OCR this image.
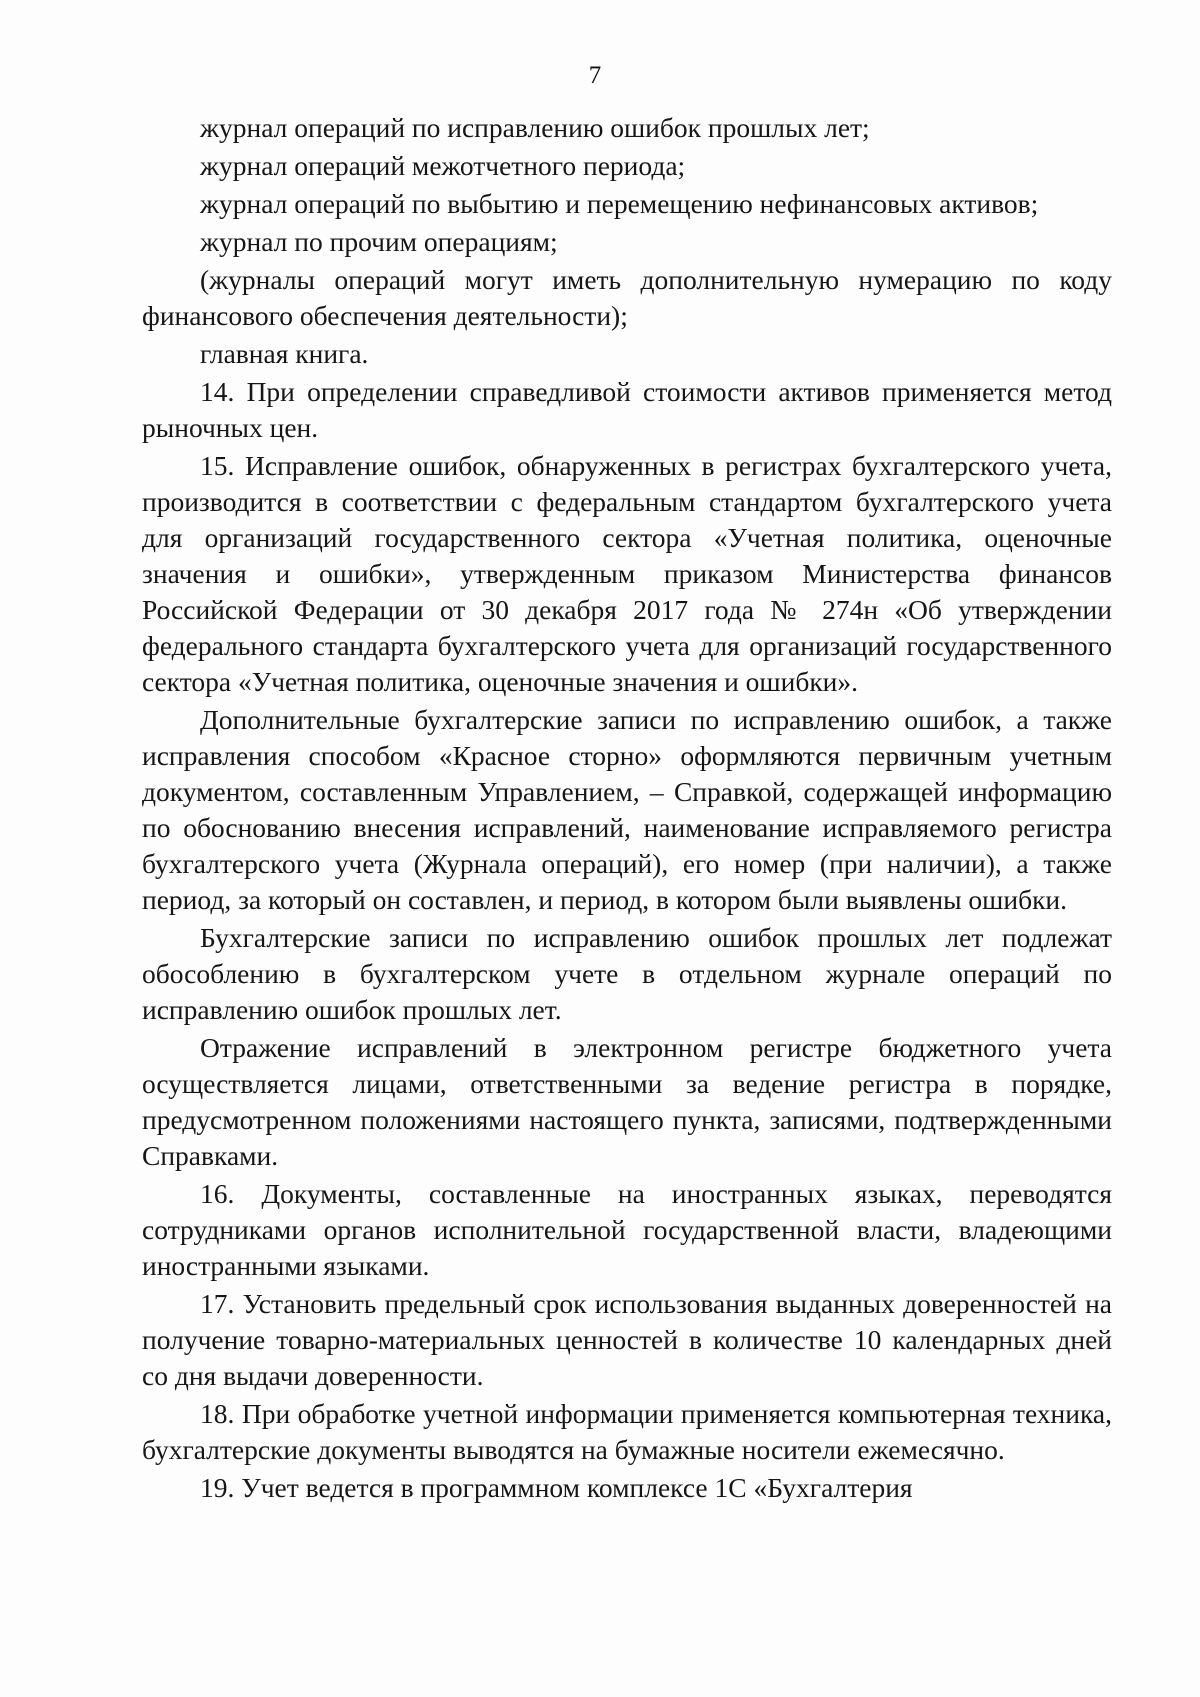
7

журнал операций по исправлению ошибок прошлых лет;

журнал операций межотчетного периода;

журнал операций по выбытию и перемещению нефинансовых активов;

журнал по прочим операциям;

(журналы операций могут иметь дополнительную нумерацию по коду финансового обеспечения деятельности);

главная книга.

14. При определении справедливой стоимости активов применяется метод рыночных цен.

15. Исправление ошибок, обнаруженных в регистрах бухгалтерского учета, производится в соответствии с федеральным стандартом бухгалтерского учета для организаций государственного сектора «Учетная политика, оценочные значения и ошибки», утвержденным приказом Министерства финансов Российской Федерации от 30 декабря 2017 года № 274н «Об утверждении федерального стандарта бухгалтерского учета для организаций государственного сектора «Учетная политика, оценочные значения и ошибки».

Дополнительные бухгалтерские записи по исправлению ошибок, а также исправления способом «Красное сторно» оформляются первичным учетным документом, составленным Управлением, – Справкой, содержащей информацию по обоснованию внесения исправлений, наименование исправляемого регистра бухгалтерского учета (Журнала операций), его номер (при наличии), а также период, за который он составлен, и период, в котором были выявлены ошибки.

Бухгалтерские записи по исправлению ошибок прошлых лет подлежат обособлению в бухгалтерском учете в отдельном журнале операций по исправлению ошибок прошлых лет.

Отражение исправлений в электронном регистре бюджетного учета осуществляется лицами, ответственными за ведение регистра в порядке, предусмотренном положениями настоящего пункта, записями, подтвержденными Справками.

16. Документы, составленные на иностранных языках, переводятся сотрудниками органов исполнительной государственной власти, владеющими иностранными языками.

17. Установить предельный срок использования выданных доверенностей на получение товарно-материальных ценностей в количестве 10 календарных дней со дня выдачи доверенности.

18. При обработке учетной информации применяется компьютерная техника, бухгалтерские документы выводятся на бумажные носители ежемесячно.

19. Учет ведется в программном комплексе 1С «Бухгалтерия
